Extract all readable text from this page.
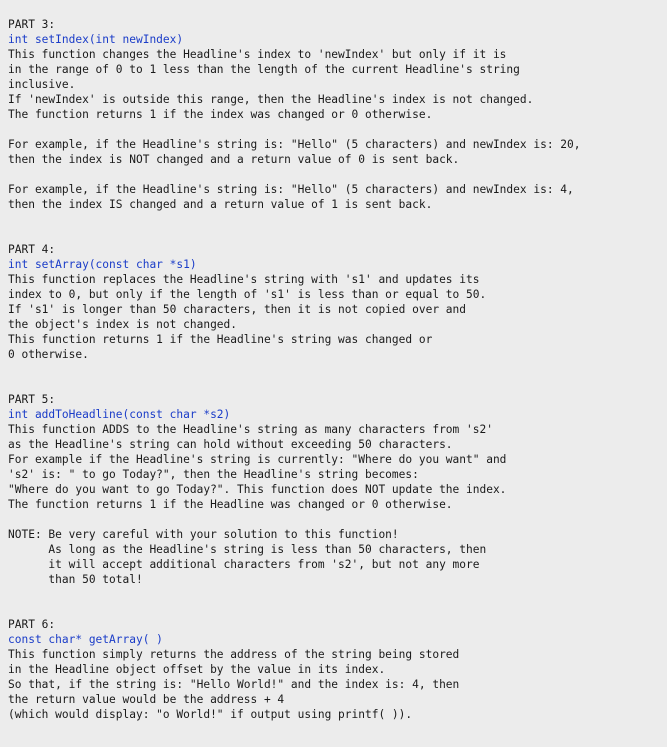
PART 3:
int setIndex(int newIndex)
This function changes the Headline's index to 'newIndex' but only if it is
in the range of 0 to 1 less than the length of the current Headline's string
inclusive.
If 'newIndex' is outside this range, then the Headline's index is not changed.
The function returns 1 if the index was changed or 0 otherwise.
For example, if the Headline's string is: "Hello" (5 characters) and newIndex is: 20,
then the index is NOT changed and a return value of 0 is sent back.
For example, if the Headline's string is: "Hello" (5 characters) and newIndex is: 4,
then the index IS changed and a return value of 1 is sent back.
PART 4:
int setArray(const char *s1)
This function replaces the Headline's string with 's1' and updates its
index to 0, but only if the length of 's1' is less than or equal to 50.
If 's1' is longer than 50 characters, then it is not copied over and
the object's index is not changed.
This function returns 1 if the Headline's string was changed or
0 otherwise.
PART 5:
int addToHeadline(const char *s2)
This function ADDS to the Headline's string as many characters from 's2'
as the Headline's string can hold without exceeding 50 characters.
For example if the Headline's string is currently: "Where do you want" and
's2' is: " to go Today?", then the Headline's string becomes:
"Where do you want to go Today?". This function does NOT update the index.
The function returns 1 if the Headline was changed or 0 otherwise.
NOTE: Be very careful with your solution to this function!
As long as the Headline's string is less than 50 characters, then
it will accept additional characters from 's2', but not any more
than 50 total!
PART 6:
const char* getArray( )
This function simply returns the address of the string being stored
in the Headline object offset by the value in its index.
So that, if the string is: "Hello World!" and the index is: 4, then
the return value would be the address + 4
(which would display: "o World!" if output using printf( )).
